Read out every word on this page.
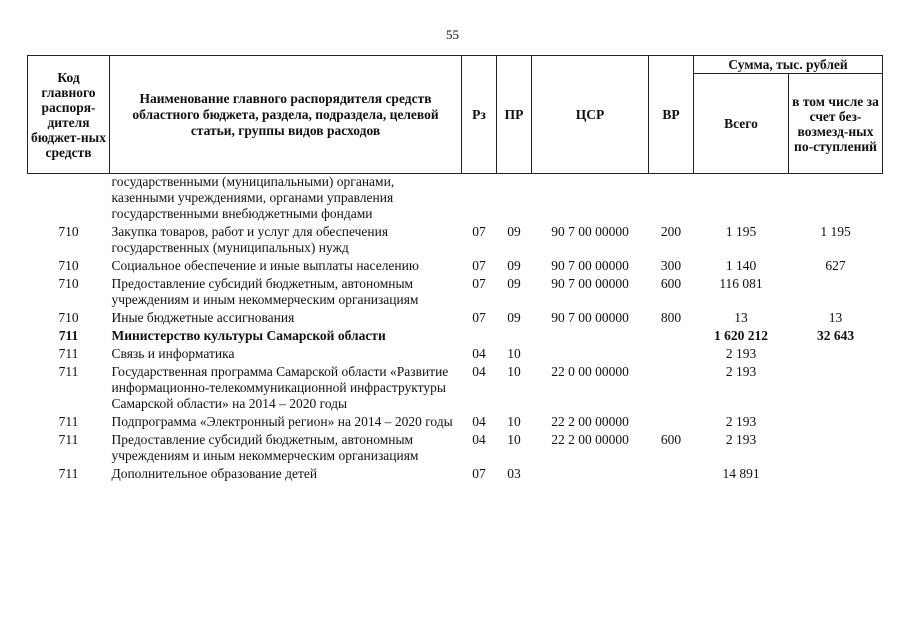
55
Код главного распоря-дителя бюджет-ных средств	Наименование главного распорядителя средств областного бюджета, раздела, подраздела, целевой статьи, группы видов расходов	Рз	ПР	ЦСР	ВР	Сумма, тыс. рублей	
						Всего	в том числе за счет без-возмезд-ных по-ступлений
	государственными (муниципальными) органами, казенными учреждениями, органами управления государственными внебюджетными фондами						
710	Закупка товаров, работ и услуг для обеспечения государственных (муниципальных) нужд	07	09	90 7 00 00000	200	1 195	1 195
710	Социальное обеспечение и иные выплаты населению	07	09	90 7 00 00000	300	1 140	627
710	Предоставление субсидий бюджетным, автономным учреждениям и иным некоммерческим организациям	07	09	90 7 00 00000	600	116 081	
710	Иные бюджетные ассигнования	07	09	90 7 00 00000	800	13	13
711	Министерство культуры Самарской области					1 620 212	32 643
711	Связь и информатика	04	10			2 193	
711	Государственная программа Самарской области «Развитие информационно-телекоммуникационной инфраструктуры Самарской области» на 2014 – 2020 годы	04	10	22 0 00 00000		2 193	
711	Подпрограмма «Электронный регион» на 2014 – 2020 годы	04	10	22 2 00 00000		2 193	
711	Предоставление субсидий бюджетным, автономным учреждениям и иным некоммерческим организациям	04	10	22 2 00 00000	600	2 193	
711	Дополнительное образование детей	07	03			14 891	
